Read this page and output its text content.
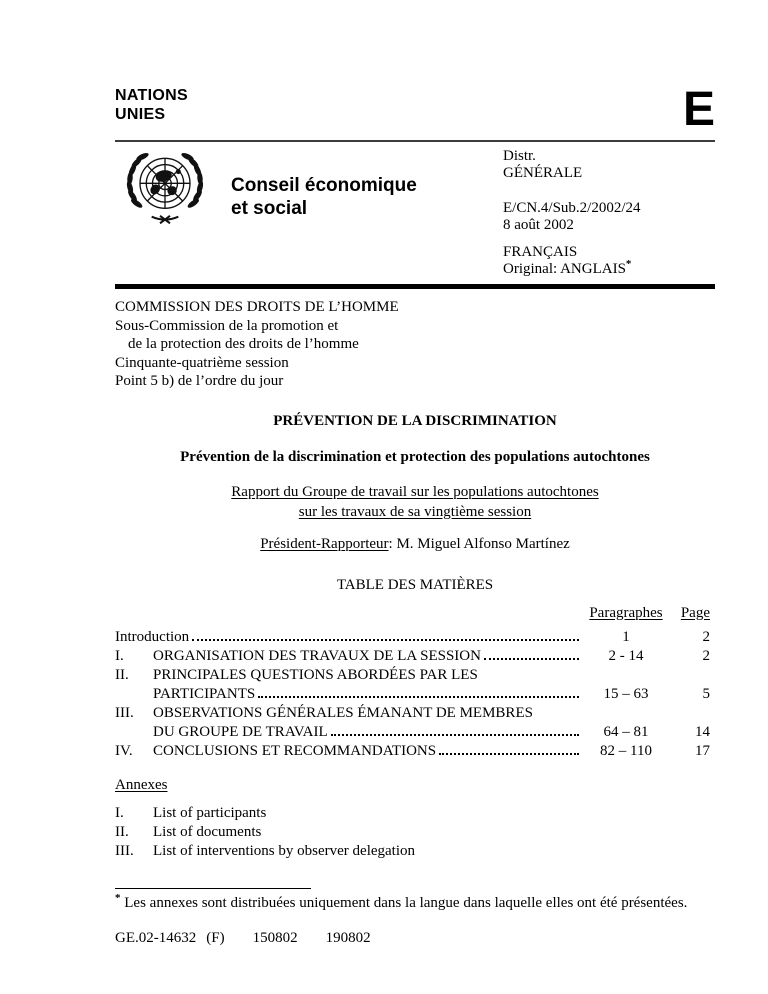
NATIONS
UNIES	E
Conseil économique
et social
Distr.
GÉNÉRALE
E/CN.4/Sub.2/2002/24
8 août 2002
FRANÇAIS
Original: ANGLAIS*
COMMISSION DES DROITS DE L’HOMME
Sous-Commission de la promotion et
de la protection des droits de l’homme
Cinquante-quatrième session
Point 5 b) de l’ordre du jour
PRÉVENTION DE LA DISCRIMINATION
Prévention de la discrimination et protection des populations autochtones
Rapport du Groupe de travail sur les populations autochtones
sur les travaux de sa vingtième session
Président-Rapporteur: M. Miguel Alfonso Martínez
TABLE DES MATIÈRES
Paragraphes	Page
Introduction	1	2
I.	ORGANISATION DES TRAVAUX DE LA SESSION	2 - 14	2
II.	PRINCIPALES QUESTIONS ABORDÉES PAR LES
PARTICIPANTS	15 – 63	5
III.	OBSERVATIONS GÉNÉRALES ÉMANANT DE MEMBRES
DU GROUPE DE TRAVAIL	64 – 81	14
IV.	CONCLUSIONS ET RECOMMANDATIONS	82 – 110	17
Annexes
I.	List of participants
II.	List of documents
III.	List of interventions by observer delegation
* Les annexes sont distribuées uniquement dans la langue dans laquelle elles ont été présentées.
GE.02-14632 (F) 150802 190802
